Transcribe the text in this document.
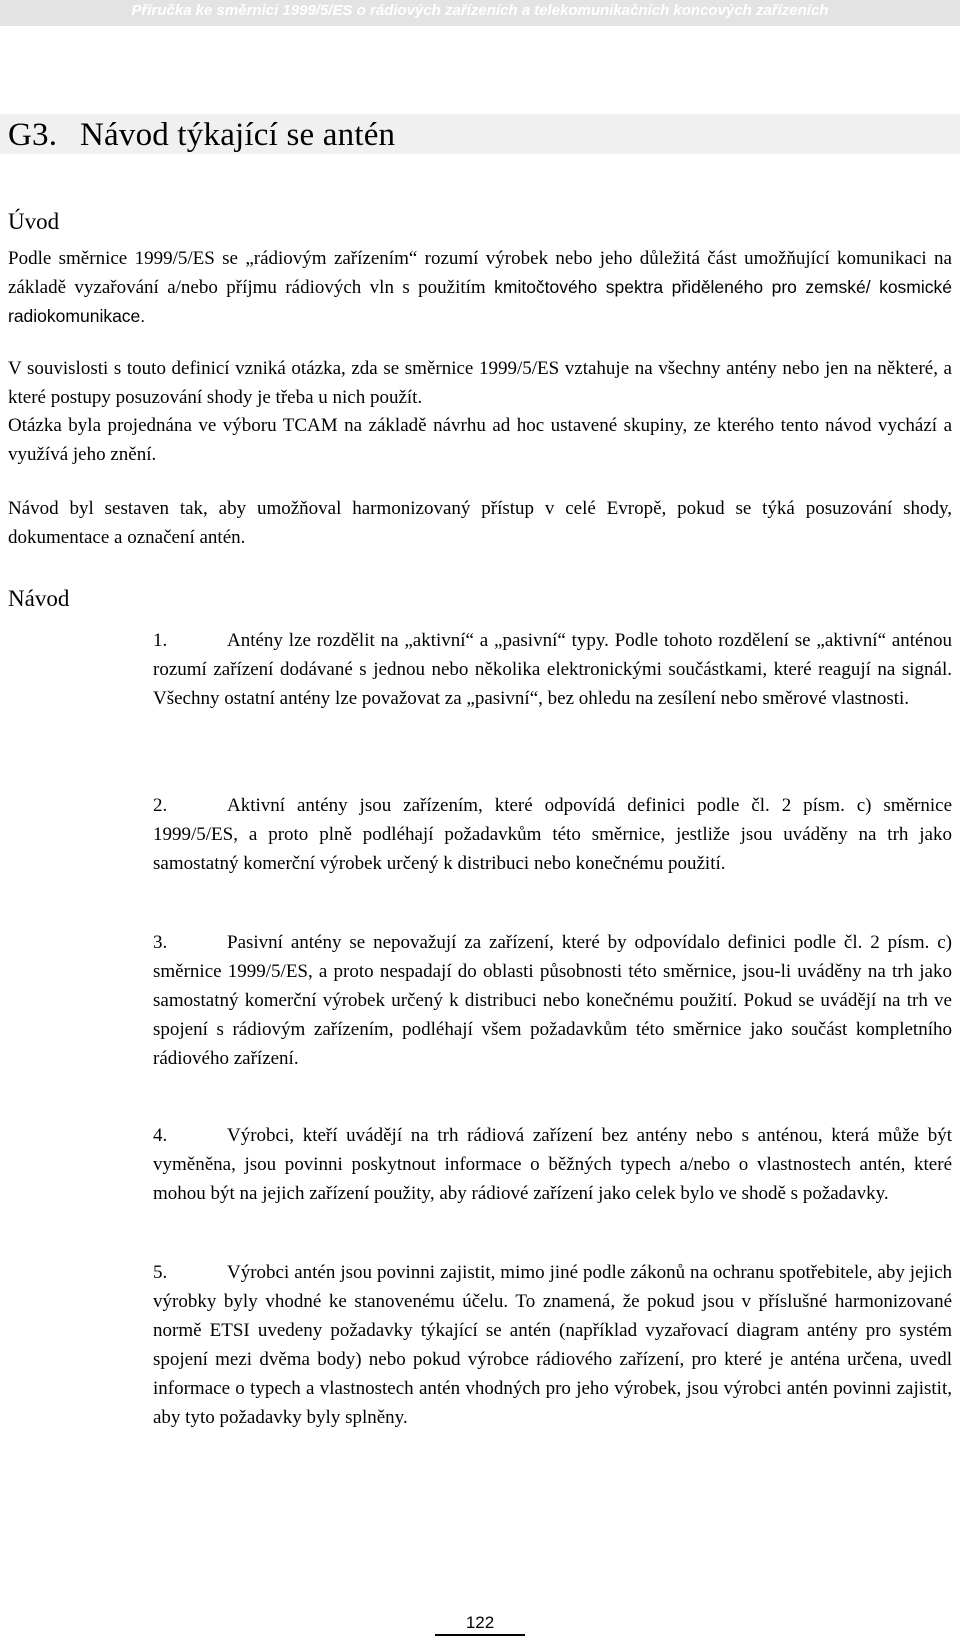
Příručka ke směrnici 1999/5/ES o rádiových zařízeních a telekomunikačních koncových zařízeních
G3. Návod týkající se antén
Úvod

Podle směrnice 1999/5/ES se „rádiovým zařízením“ rozumí výrobek nebo jeho důležitá část umožňující komunikaci na základě vyzařování a/nebo příjmu rádiových vln s použitím kmitočtového spektra přiděleného pro zemské/ kosmické radiokomunikace.

V souvislosti s touto definicí vzniká otázka, zda se směrnice 1999/5/ES vztahuje na všechny antény nebo jen na některé, a které postupy posuzování shody je třeba u nich použít.

Otázka byla projednána ve výboru TCAM na základě návrhu ad hoc ustavené skupiny, ze kterého tento návod vychází a využívá jeho znění.

Návod byl sestaven tak, aby umožňoval harmonizovaný přístup v celé Evropě, pokud se týká posuzování shody, dokumentace a označení antén.

Návod

1.	Antény lze rozdělit na „aktivní“ a „pasivní“ typy. Podle tohoto rozdělení se „aktivní“ anténou rozumí zařízení dodávané s jednou nebo několika elektronickými součástkami, které reagují na signál. Všechny ostatní antény lze považovat za „pasivní“, bez ohledu na zesílení nebo směrové vlastnosti.

2.	Aktivní antény jsou zařízením, které odpovídá definici podle čl. 2 písm. c) směrnice 1999/5/ES, a proto plně podléhají požadavkům této směrnice, jestliže jsou uváděny na trh jako samostatný komerční výrobek určený k distribuci nebo konečnému použití.

3.	Pasivní antény se nepovažují za zařízení, které by odpovídalo definici podle čl. 2 písm. c) směrnice 1999/5/ES, a proto nespadají do oblasti působnosti této směrnice, jsou-li uváděny na trh jako samostatný komerční výrobek určený k distribuci nebo konečnému použití. Pokud se uvádějí na trh ve spojení s rádiovým zařízením, podléhají všem požadavkům této směrnice jako součást kompletního rádiového zařízení.

4.	Výrobci, kteří uvádějí na trh rádiová zařízení bez antény nebo s anténou, která může být vyměněna, jsou povinni poskytnout informace o běžných typech a/nebo o vlastnostech antén, které mohou být na jejich zařízení použity, aby rádiové zařízení jako celek bylo ve shodě s požadavky.

5.	Výrobci antén jsou povinni zajistit, mimo jiné podle zákonů na ochranu spotřebitele, aby jejich výrobky byly vhodné ke stanovenému účelu. To znamená, že pokud jsou v příslušné harmonizované normě ETSI uvedeny požadavky týkající se antén (například vyzařovací diagram antény pro systém spojení mezi dvěma body) nebo pokud výrobce rádiového zařízení, pro které je anténa určena, uvedl informace o typech a vlastnostech antén vhodných pro jeho výrobek, jsou výrobci antén povinni zajistit, aby tyto požadavky byly splněny.

122
